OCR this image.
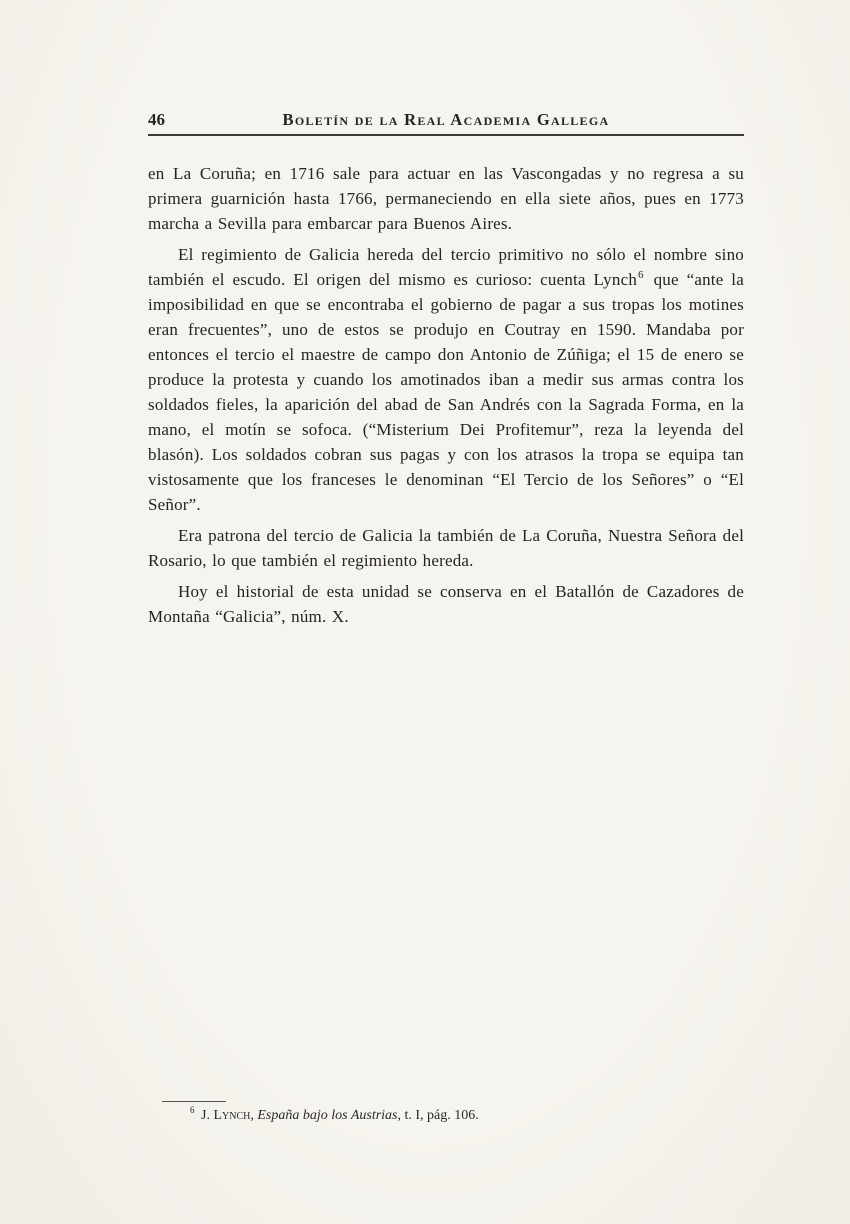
46	Boletín de la Real Academia Gallega

en La Coruña; en 1716 sale para actuar en las Vascongadas y no regresa a su primera guarnición hasta 1766, permaneciendo en ella siete años, pues en 1773 marcha a Sevilla para embarcar para Buenos Aires.

El regimiento de Galicia hereda del tercio primitivo no sólo el nombre sino también el escudo. El origen del mismo es curioso: cuenta Lynch$^6$ que “ante la imposibilidad en que se encontraba el gobierno de pagar a sus tropas los motines eran frecuentes”, uno de estos se produjo en Coutray en 1590. Mandaba por entonces el tercio el maestre de campo don Antonio de Zúñiga; el 15 de enero se produce la protesta y cuando los amotinados iban a medir sus armas contra los soldados fieles, la aparición del abad de San Andrés con la Sagrada Forma, en la mano, el motín se sofoca. (“Misterium Dei Profitemur”, reza la leyenda del blasón). Los soldados cobran sus pagas y con los atrasos la tropa se equipa tan vistosamente que los franceses le denominan “El Tercio de los Señores” o “El Señor”.

Era patrona del tercio de Galicia la también de La Coruña, Nuestra Señora del Rosario, lo que también el regimiento hereda.

Hoy el historial de esta unidad se conserva en el Batallón de Cazadores de Montaña “Galicia”, núm. X.

$^6$ J. Lynch, España bajo los Austrias, t. I, pág. 106.
